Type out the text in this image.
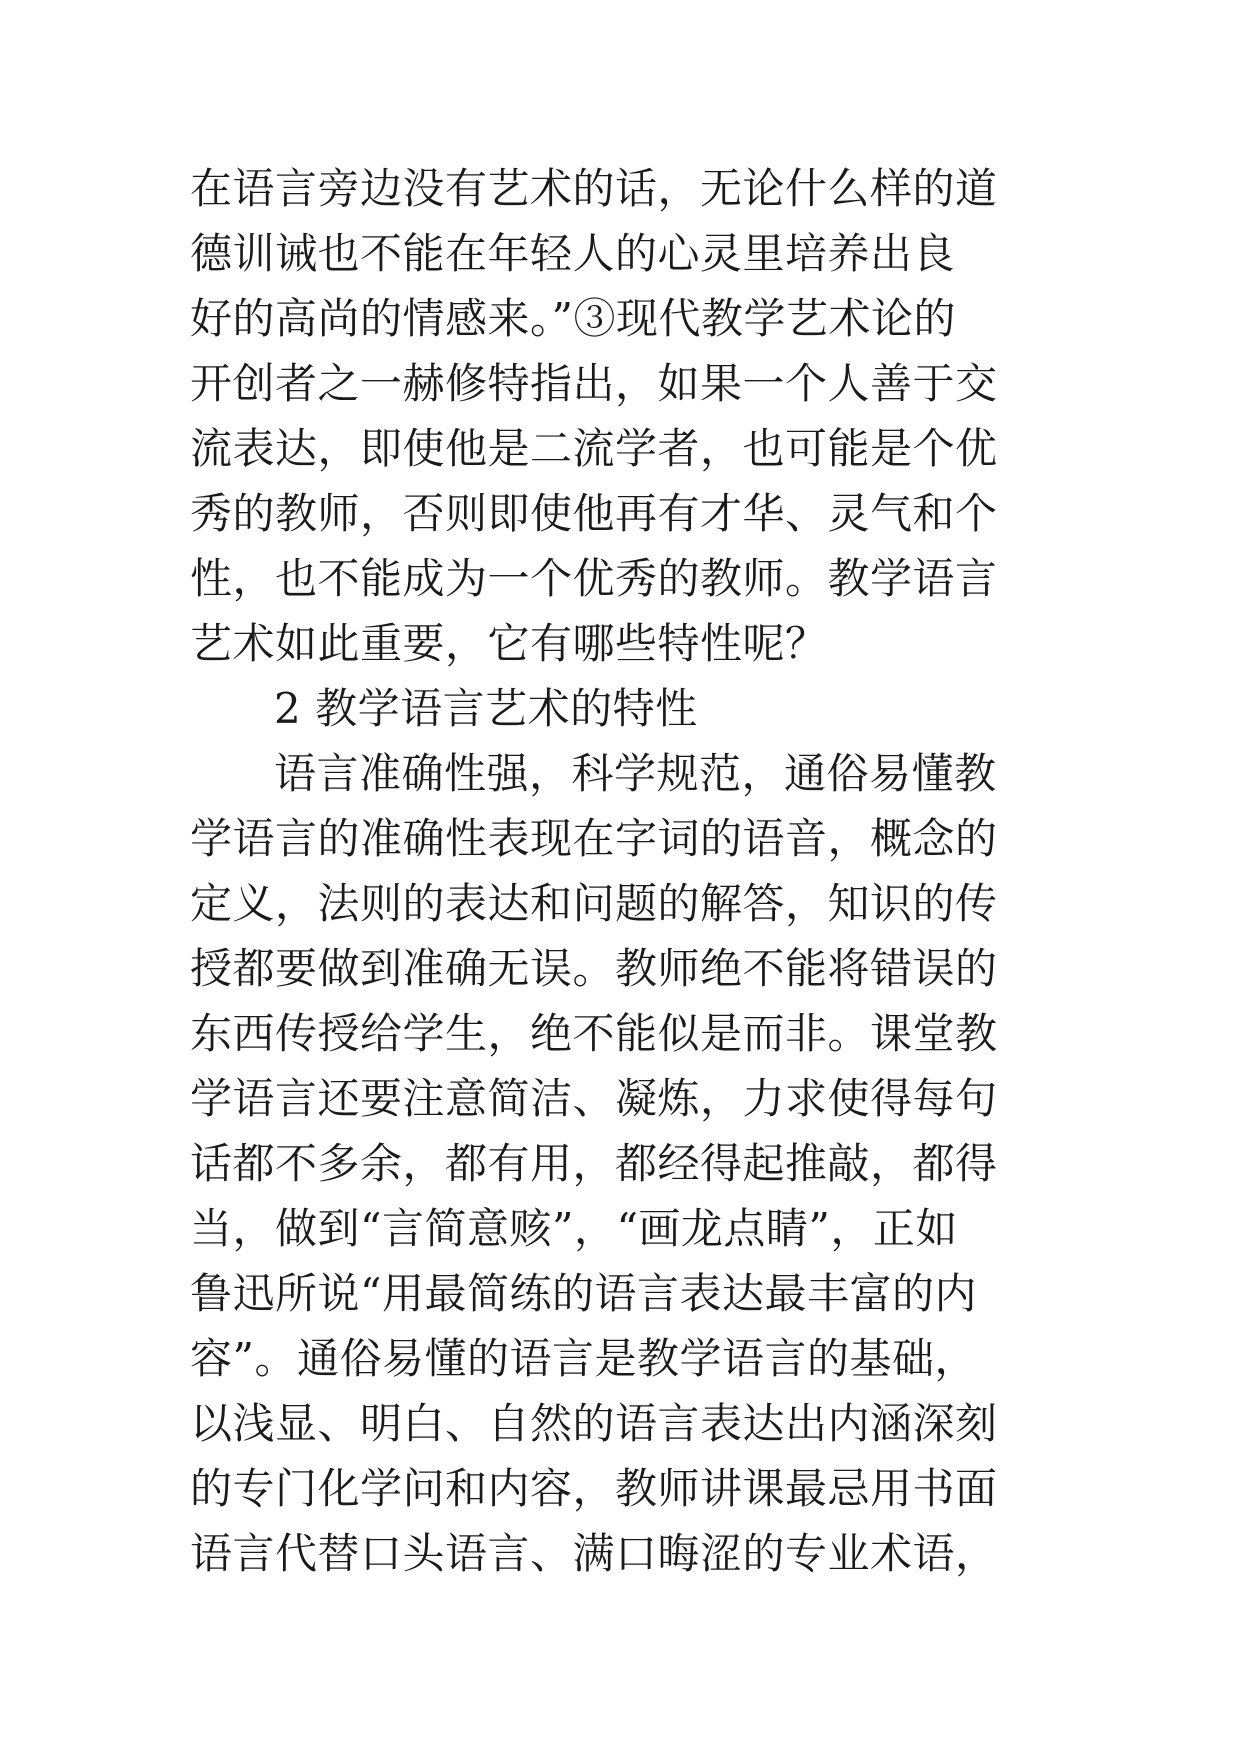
在语言旁边没有艺术的话，无论什么样的道
德训诫也不能在年轻人的心灵里培养出良
好的高尚的情感来。”③现代教学艺术论的
开创者之一赫修特指出，如果一个人善于交
流表达，即使他是二流学者，也可能是个优
秀的教师，否则即使他再有才华、灵气和个
性，也不能成为一个优秀的教师。教学语言
艺术如此重要，它有哪些特性呢？
2 教学语言艺术的特性
语言准确性强，科学规范，通俗易懂教
学语言的准确性表现在字词的语音，概念的
定义，法则的表达和问题的解答，知识的传
授都要做到准确无误。教师绝不能将错误的
东西传授给学生，绝不能似是而非。课堂教
学语言还要注意简洁、凝炼，力求使得每句
话都不多余，都有用，都经得起推敲，都得
当，做到“言简意赅”，“画龙点睛”，正如
鲁迅所说“用最简练的语言表达最丰富的内
容”。通俗易懂的语言是教学语言的基础，
以浅显、明白、自然的语言表达出内涵深刻
的专门化学问和内容，教师讲课最忌用书面
语言代替口头语言、满口晦涩的专业术语，
